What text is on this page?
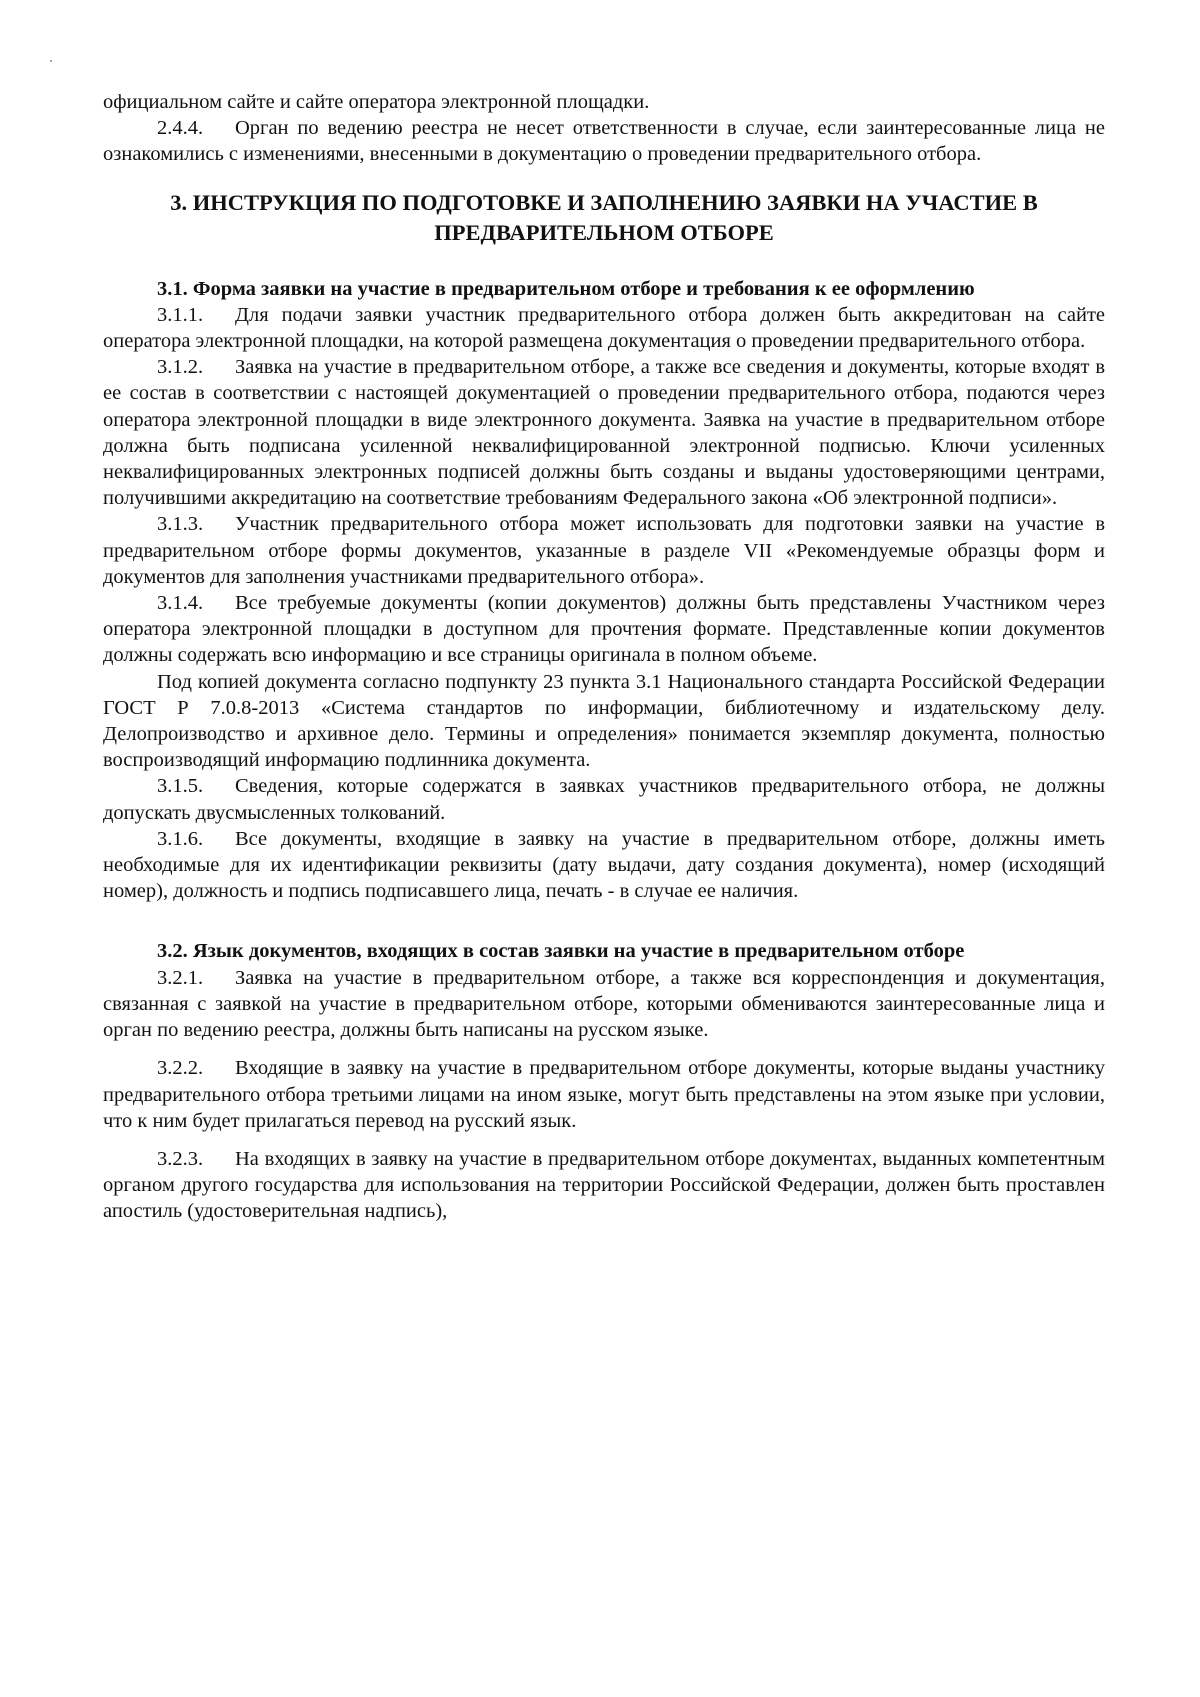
официальном сайте и сайте оператора электронной площадки.

2.4.4. Орган по ведению реестра не несет ответственности в случае, если заинтересованные лица не ознакомились с изменениями, внесенными в документацию о проведении предварительного отбора.

3. ИНСТРУКЦИЯ ПО ПОДГОТОВКЕ И ЗАПОЛНЕНИЮ ЗАЯВКИ НА УЧАСТИЕ В ПРЕДВАРИТЕЛЬНОМ ОТБОРЕ

3.1. Форма заявки на участие в предварительном отборе и требования к ее оформлению

3.1.1. Для подачи заявки участник предварительного отбора должен быть аккредитован на сайте оператора электронной площадки, на которой размещена документация о проведении предварительного отбора.

3.1.2. Заявка на участие в предварительном отборе, а также все сведения и документы, которые входят в ее состав в соответствии с настоящей документацией о проведении предварительного отбора, подаются через оператора электронной площадки в виде электронного документа. Заявка на участие в предварительном отборе должна быть подписана усиленной неквалифицированной электронной подписью. Ключи усиленных неквалифицированных электронных подписей должны быть созданы и выданы удостоверяющими центрами, получившими аккредитацию на соответствие требованиям Федерального закона «Об электронной подписи».

3.1.3. Участник предварительного отбора может использовать для подготовки заявки на участие в предварительном отборе формы документов, указанные в разделе VII «Рекомендуемые образцы форм и документов для заполнения участниками предварительного отбора».

3.1.4. Все требуемые документы (копии документов) должны быть представлены Участником через оператора электронной площадки в доступном для прочтения формате. Представленные копии документов должны содержать всю информацию и все страницы оригинала в полном объеме.

Под копией документа согласно подпункту 23 пункта 3.1 Национального стандарта Российской Федерации ГОСТ Р 7.0.8-2013 «Система стандартов по информации, библиотечному и издательскому делу. Делопроизводство и архивное дело. Термины и определения» понимается экземпляр документа, полностью воспроизводящий информацию подлинника документа.

3.1.5. Сведения, которые содержатся в заявках участников предварительного отбора, не должны допускать двусмысленных толкований.

3.1.6. Все документы, входящие в заявку на участие в предварительном отборе, должны иметь необходимые для их идентификации реквизиты (дату выдачи, дату создания документа), номер (исходящий номер), должность и подпись подписавшего лица, печать - в случае ее наличия.

3.2. Язык документов, входящих в состав заявки на участие в предварительном отборе

3.2.1. Заявка на участие в предварительном отборе, а также вся корреспонденция и документация, связанная с заявкой на участие в предварительном отборе, которыми обмениваются заинтересованные лица и орган по ведению реестра, должны быть написаны на русском языке.

3.2.2. Входящие в заявку на участие в предварительном отборе документы, которые выданы участнику предварительного отбора третьими лицами на ином языке, могут быть представлены на этом языке при условии, что к ним будет прилагаться перевод на русский язык.

3.2.3. На входящих в заявку на участие в предварительном отборе документах, выданных компетентным органом другого государства для использования на территории Российской Федерации, должен быть проставлен апостиль (удостоверительная надпись),
